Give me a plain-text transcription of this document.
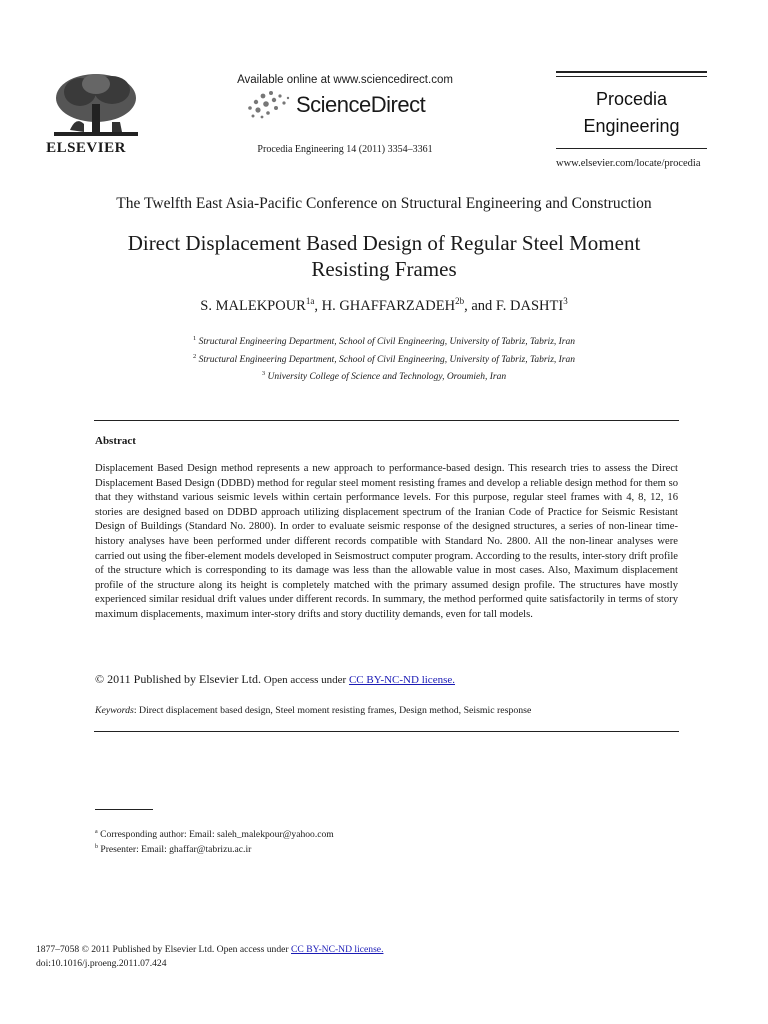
ELSEVIER
Available online at www.sciencedirect.com
ScienceDirect
Procedia Engineering 14 (2011) 3354–3361
Procedia
Engineering
www.elsevier.com/locate/procedia
The Twelfth East Asia-Pacific Conference on Structural Engineering and Construction
Direct Displacement Based Design of Regular Steel Moment
Resisting Frames
S. $MALEKPOUR^{1a}$, H. $GHAFFARZADEH^{2b}$, and F. DASHTI$^3$
$^1$ Structural Engineering Department, School of Civil Engineering, University of Tabriz, Tabriz, Iran
$^2$ Structural Engineering Department, School of Civil Engineering, University of Tabriz, Tabriz, Iran
$^3$ University College of Science and Technology, Oroumieh, Iran
Abstract
Displacement Based Design method represents a new approach to performance-based design. This research tries to assess the Direct Displacement Based Design (DDBD) method for regular steel moment resisting frames and develop a reliable design method for them so that they withstand various seismic levels within certain performance levels. For this purpose, regular steel frames with 4, 8, 12, 16 stories are designed based on DDBD approach utilizing displacement spectrum of the Iranian Code of Practice for Seismic Resistant Design of Buildings (Standard No. 2800). In order to evaluate seismic response of the designed structures, a series of non-linear time-history analyses have been performed under different records compatible with Standard No. 2800. All the non-linear analyses were carried out using the fiber-element models developed in Seismostruct computer program. According to the results, inter-story drift profile of the structure which is corresponding to its damage was less than the allowable value in most cases. Also, Maximum displacement profile of the structure along its height is completely matched with the primary assumed design profile. The structures have mostly experienced similar residual drift values under different records. In summary, the method performed quite satisfactorily in terms of story maximum displacements, maximum inter-story drifts and story ductility demands, even for tall models.
© 2011 Published by Elsevier Ltd. Open access under CC BY-NC-ND license.
Keywords: Direct displacement based design, Steel moment resisting frames, Design method, Seismic response
$^a$ Corresponding author: Email: saleh_malekpour@yahoo.com
$^b$ Presenter: Email: ghaffar@tabrizu.ac.ir
1877–7058 © 2011 Published by Elsevier Ltd. Open access under CC BY-NC-ND license.
doi:10.1016/j.proeng.2011.07.424
